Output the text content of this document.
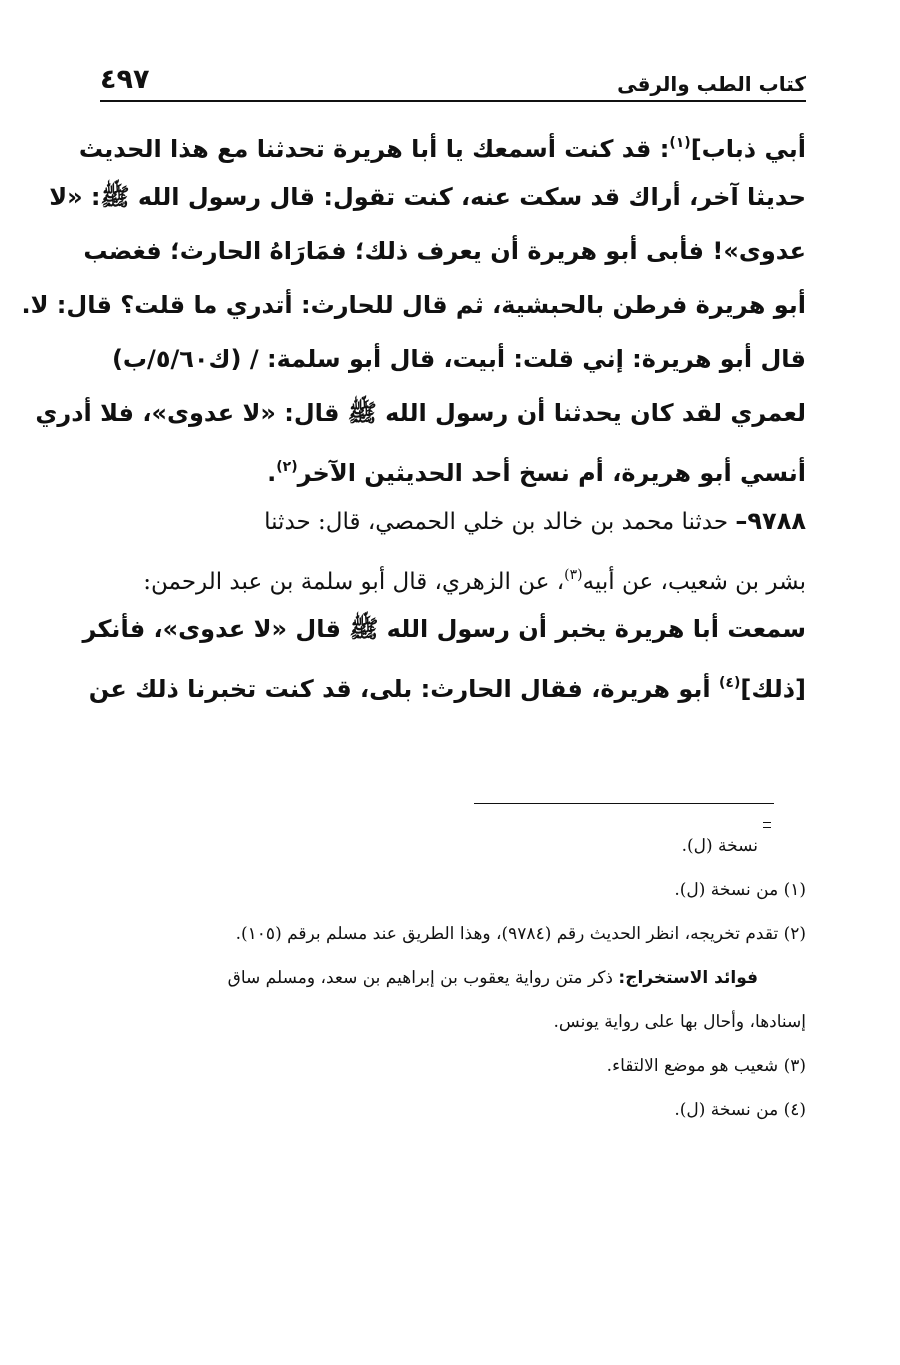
كتاب الطب والرقى
٤٩٧
أبي ذباب]$^{(١)}$: قد كنت أسمعك يا أبا هريرة تحدثنا مع هذا الحديث
حديثا آخر، أراك قد سكت عنه، كنت تقول: قال رسول الله ﷺ: «لا
عدوى»! فأبى أبو هريرة أن يعرف ذلك؛ فمَارَاهُ الحارث؛ فغضب
أبو هريرة فرطن بالحبشية، ثم قال للحارث: أتدري ما قلت؟ قال: لا.
قال أبو هريرة: إني قلت: أبيت، قال أبو سلمة: / (ك٥/٦٠/ب)
لعمري لقد كان يحدثنا أن رسول الله ﷺ قال: «لا عدوى»، فلا أدري
أنسي أبو هريرة، أم نسخ أحد الحديثين الآخر$^{(٢)}$.
٩٧٨٨– حدثنا محمد بن خالد بن خلي الحمصي، قال: حدثنا
بشر بن شعيب، عن أبيه$^{(٣)}$، عن الزهري، قال أبو سلمة بن عبد الرحمن:
سمعت أبا هريرة يخبر أن رسول الله ﷺ قال «لا عدوى»، فأنكر
[ذلك]$^{(٤)}$ أبو هريرة، فقال الحارث: بلى، قد كنت تخبرنا ذلك عن
نسخة (ل).
(١) من نسخة (ل).
(٢) تقدم تخريجه، انظر الحديث رقم (٩٧٨٤)، وهذا الطريق عند مسلم برقم (١٠٥).
فوائد الاستخراج: ذكر متن رواية يعقوب بن إبراهيم بن سعد، ومسلم ساق
إسنادها، وأحال بها على رواية يونس.
(٣) شعيب هو موضع الالتقاء.
(٤) من نسخة (ل).
